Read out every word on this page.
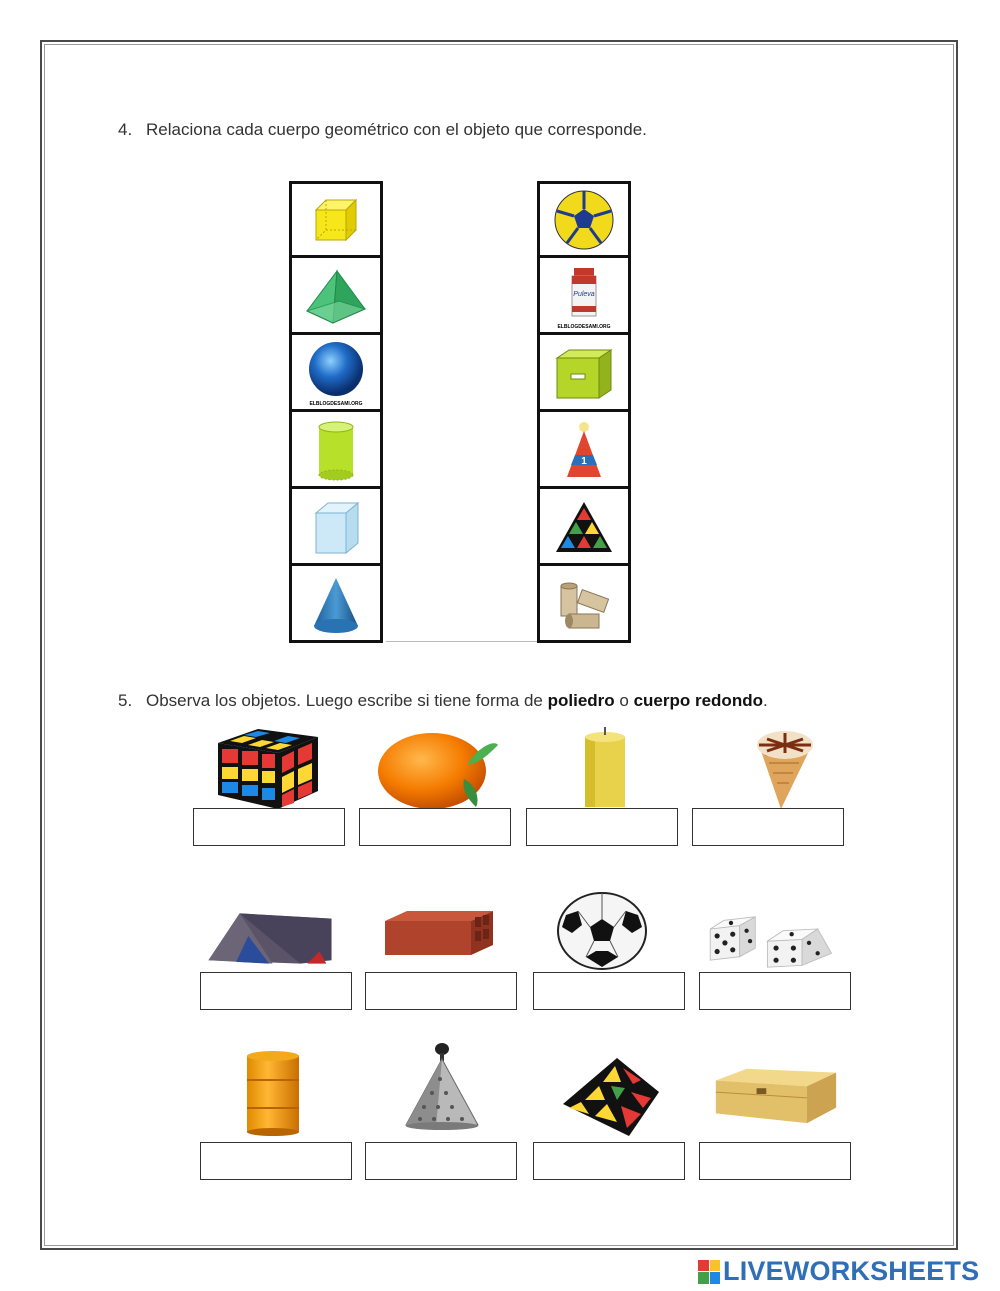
4. Relaciona cada cuerpo geométrico con el objeto que corresponde.
ELBLOGDESAMI.ORG
Puleva
ELBLOGDESAMI.ORG
1
5. Observa los objetos. Luego escribe si tiene forma de poliedro o cuerpo redondo.
LIVEWORKSHEETS
